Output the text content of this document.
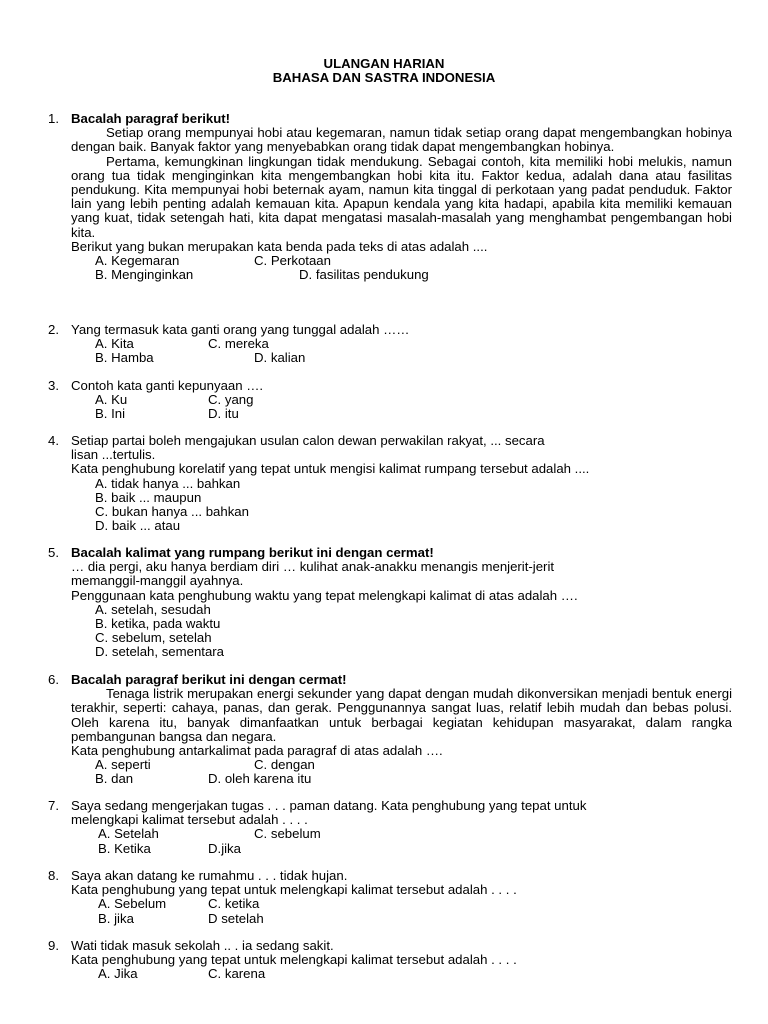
ULANGAN HARIAN
BAHASA DAN SASTRA INDONESIA
1. Bacalah paragraf berikut!

Setiap orang mempunyai hobi atau kegemaran, namun tidak setiap orang dapat mengembangkan hobinya dengan baik. Banyak faktor yang menyebabkan orang tidak dapat mengembangkan hobinya.

Pertama, kemungkinan lingkungan tidak mendukung. Sebagai contoh, kita memiliki hobi melukis, namun orang tua tidak menginginkan kita mengembangkan hobi kita itu. Faktor kedua, adalah dana atau fasilitas pendukung. Kita mempunyai hobi beternak ayam, namun kita tinggal di perkotaan yang padat penduduk. Faktor lain yang lebih penting adalah kemauan kita. Apapun kendala yang kita hadapi, apabila kita memiliki kemauan yang kuat, tidak setengah hati, kita dapat mengatasi masalah-masalah yang menghambat pengembangan hobi kita.

Berikut yang bukan merupakan kata benda pada teks di atas adalah ....
A. Kegemaran	C. Perkotaan
B. Menginginkan	D. fasilitas pendukung
2. Yang termasuk kata ganti orang yang tunggal adalah ……
A. Kita	C. mereka
B. Hamba	D. kalian
3. Contoh kata ganti kepunyaan ….
A. Ku	C. yang
B. Ini	D. itu
4. Setiap partai boleh mengajukan usulan calon dewan perwakilan rakyat, ... secara
lisan ...tertulis.
Kata penghubung korelatif yang tepat untuk mengisi kalimat rumpang tersebut adalah ....
A. tidak hanya ... bahkan
B. baik ... maupun
C. bukan hanya ... bahkan
D. baik ... atau
5. Bacalah kalimat yang rumpang berikut ini dengan cermat!
… dia pergi, aku hanya berdiam diri … kulihat anak-anakku menangis menjerit-jerit
memanggil-manggil ayahnya.
Penggunaan kata penghubung waktu yang tepat melengkapi kalimat di atas adalah ….
A. setelah, sesudah
B. ketika, pada waktu
C. sebelum, setelah
D. setelah, sementara
6. Bacalah paragraf berikut ini dengan cermat!

Tenaga listrik merupakan energi sekunder yang dapat dengan mudah dikonversikan menjadi bentuk energi terakhir, seperti: cahaya, panas, dan gerak. Penggunannya sangat luas, relatif lebih mudah dan bebas polusi. Oleh karena itu, banyak dimanfaatkan untuk berbagai kegiatan kehidupan masyarakat, dalam rangka pembangunan bangsa dan negara.

Kata penghubung antarkalimat pada paragraf di atas adalah ….
A. seperti	C. dengan
B. dan	D. oleh karena itu
7. Saya sedang mengerjakan tugas . . . paman datang. Kata penghubung yang tepat untuk
melengkapi kalimat tersebut adalah . . . .
A. Setelah	C. sebelum
B. Ketika	D.jika
8. Saya akan datang ke rumahmu . . . tidak hujan.
Kata penghubung yang tepat untuk melengkapi kalimat tersebut adalah . . . .
A. Sebelum	C. ketika
B. jika	D setelah
9. Wati tidak masuk sekolah .. . ia sedang sakit.
Kata penghubung yang tepat untuk melengkapi kalimat tersebut adalah . . . .
A. Jika	C. karena
